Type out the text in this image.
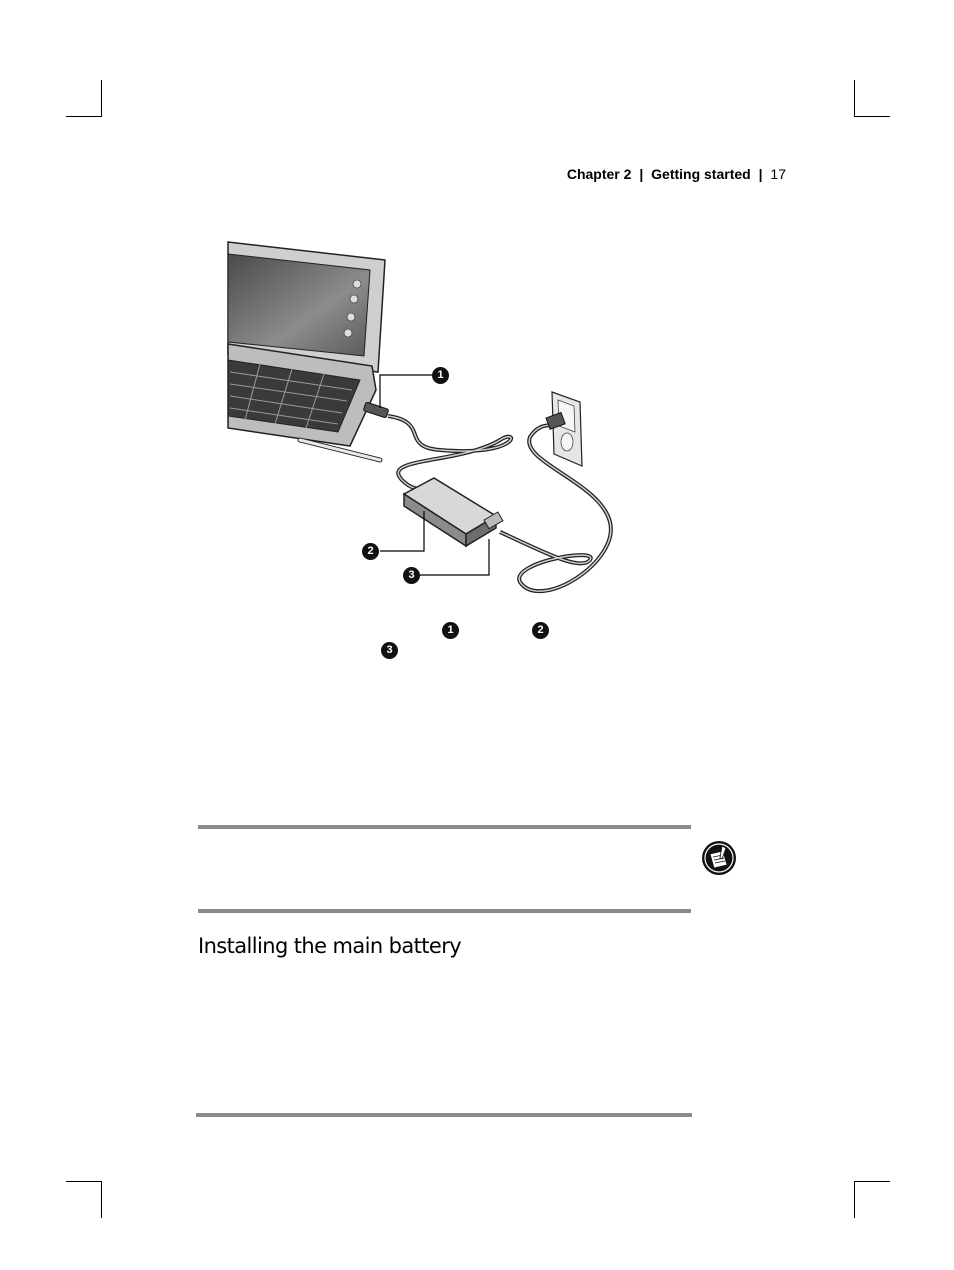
Chapter 2 | Getting started | 17
1
2
3
1	2
3
Installing the main battery
